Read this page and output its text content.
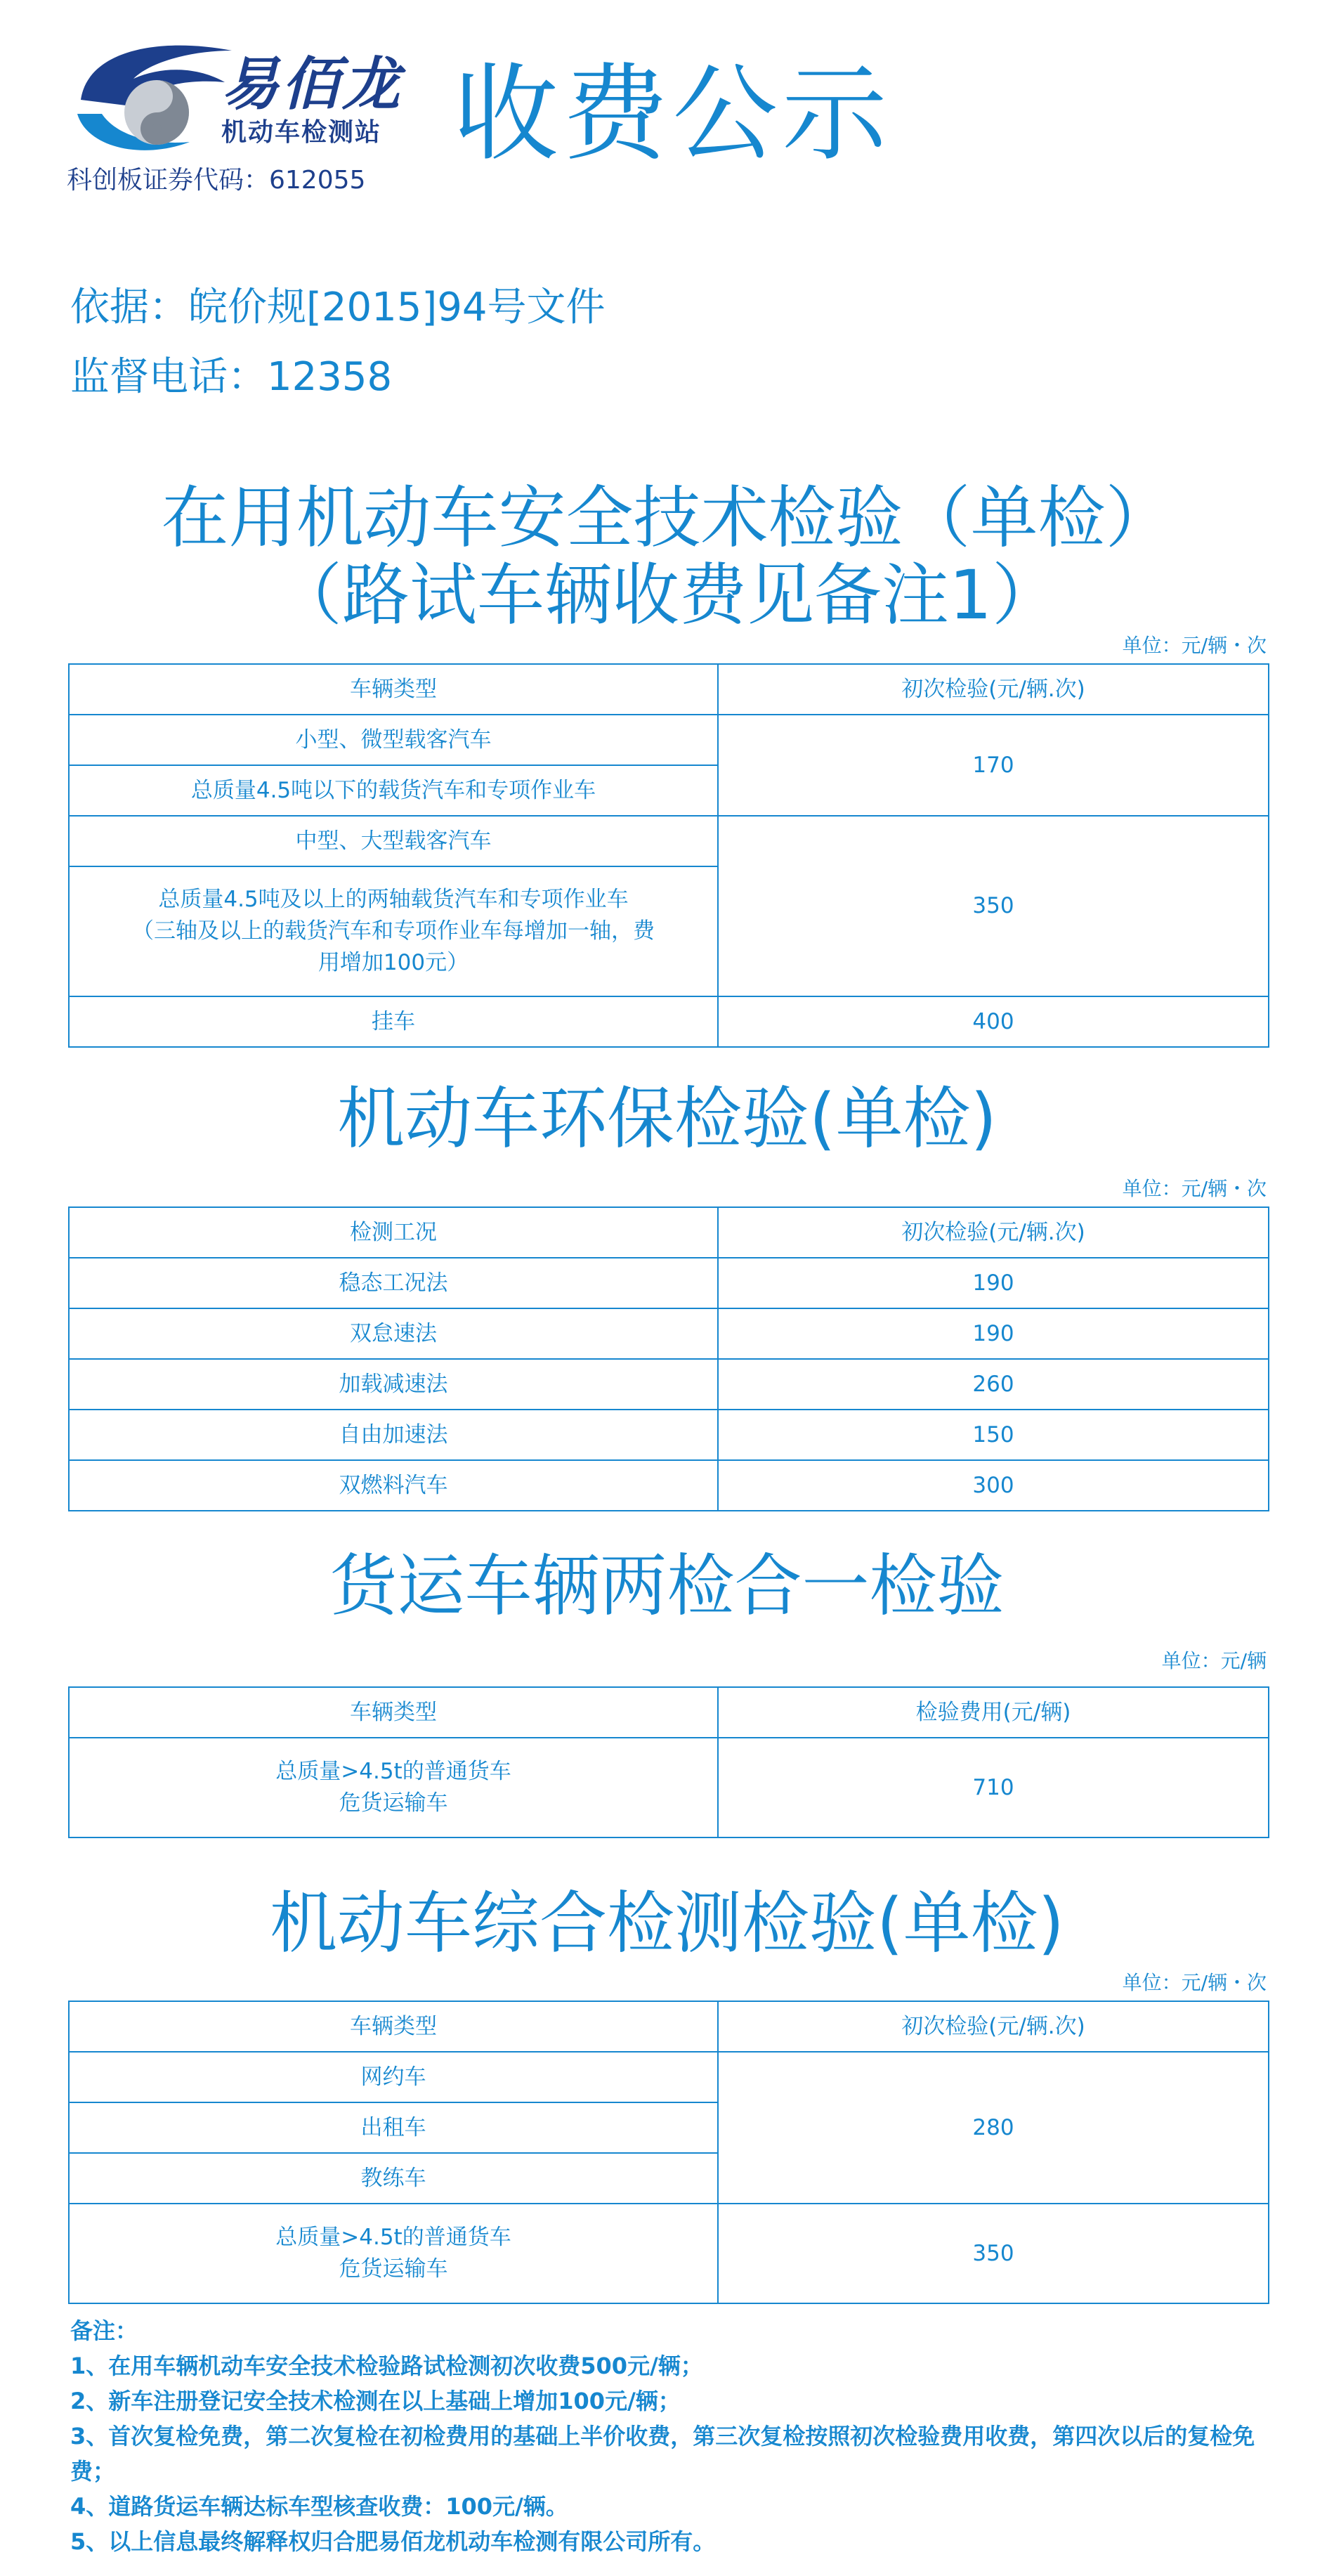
易佰龙
机动车检测站
科创板证券代码：612055
收费公示
依据：皖价规[2015]94号文件
监督电话：12358
在用机动车安全技术检验（单检）
（路试车辆收费见备注1）
单位：元/辆・次
车辆类型	初次检验(元/辆.次)
小型、微型载客汽车	170
总质量4.5吨以下的载货汽车和专项作业车	
中型、大型载客汽车	350

总质量4.5吨及以上的两轴载货汽车和专项作业车
（三轴及以上的载货汽车和专项作业车每增加一轴，费
用增加100元）	

挂车	400
机动车环保检验(单检)
单位：元/辆・次
检测工况	初次检验(元/辆.次)
稳态工况法	190
双怠速法	190
加载减速法	260
自由加速法	150
双燃料汽车	300
货运车辆两检合一检验
单位：元/辆
车辆类型	检验费用(元/辆)

总质量>4.5t的普通货车
危货运输车	710
机动车综合检测检验(单检)
单位：元/辆・次
车辆类型	初次检验(元/辆.次)
网约车	280
出租车	
教练车	

总质量>4.5t的普通货车
危货运输车	350
备注：
1、在用车辆机动车安全技术检验路试检测初次收费500元/辆；
2、新车注册登记安全技术检测在以上基础上增加100元/辆；
3、首次复检免费，第二次复检在初检费用的基础上半价收费，第三次复检按照初次检验费用收费，第四次以后的复检免费；
4、道路货运车辆达标车型核查收费：100元/辆。
5、以上信息最终解释权归合肥易佰龙机动车检测有限公司所有。
